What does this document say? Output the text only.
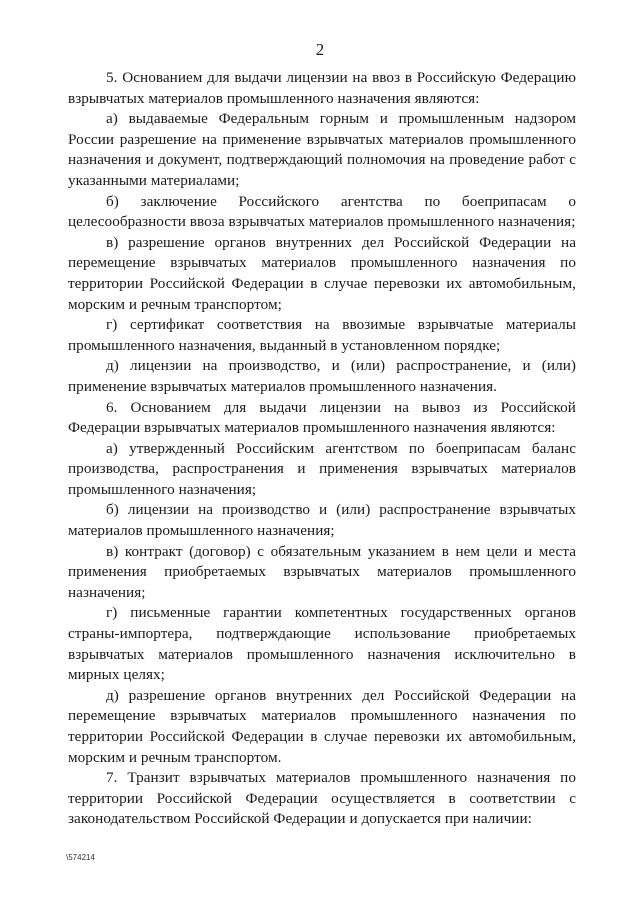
2

5. Основанием для выдачи лицензии на ввоз в Российскую Федерацию взрывчатых материалов промышленного назначения являются:

а) выдаваемые Федеральным горным и промышленным надзором России разрешение на применение взрывчатых материалов промышленного назначения и документ, подтверждающий полномочия на проведение работ с указанными материалами;

б) заключение Российского агентства по боеприпасам о целесообразности ввоза взрывчатых материалов промышленного назначения;

в) разрешение органов внутренних дел Российской Федерации на перемещение взрывчатых материалов промышленного назначения по территории Российской Федерации в случае перевозки их автомобильным, морским и речным транспортом;

г) сертификат соответствия на ввозимые взрывчатые материалы промышленного назначения, выданный в установленном порядке;

д) лицензии на производство, и (или) распространение, и (или) применение взрывчатых материалов промышленного назначения.

6. Основанием для выдачи лицензии на вывоз из Российской Федерации взрывчатых материалов промышленного назначения являются:

а) утвержденный Российским агентством по боеприпасам баланс производства, распространения и применения взрывчатых материалов промышленного назначения;

б) лицензии на производство и (или) распространение взрывчатых материалов промышленного назначения;

в) контракт (договор) с обязательным указанием в нем цели и места применения приобретаемых взрывчатых материалов промышленного назначения;

г) письменные гарантии компетентных государственных органов страны-импортера, подтверждающие использование приобретаемых взрывчатых материалов промышленного назначения исключительно в мирных целях;

д) разрешение органов внутренних дел Российской Федерации на перемещение взрывчатых материалов промышленного назначения по территории Российской Федерации в случае перевозки их автомобильным, морским и речным транспортом.

7. Транзит взрывчатых материалов промышленного назначения по территории Российской Федерации осуществляется в соответствии с законодательством Российской Федерации и допускается при наличии:

\574214
